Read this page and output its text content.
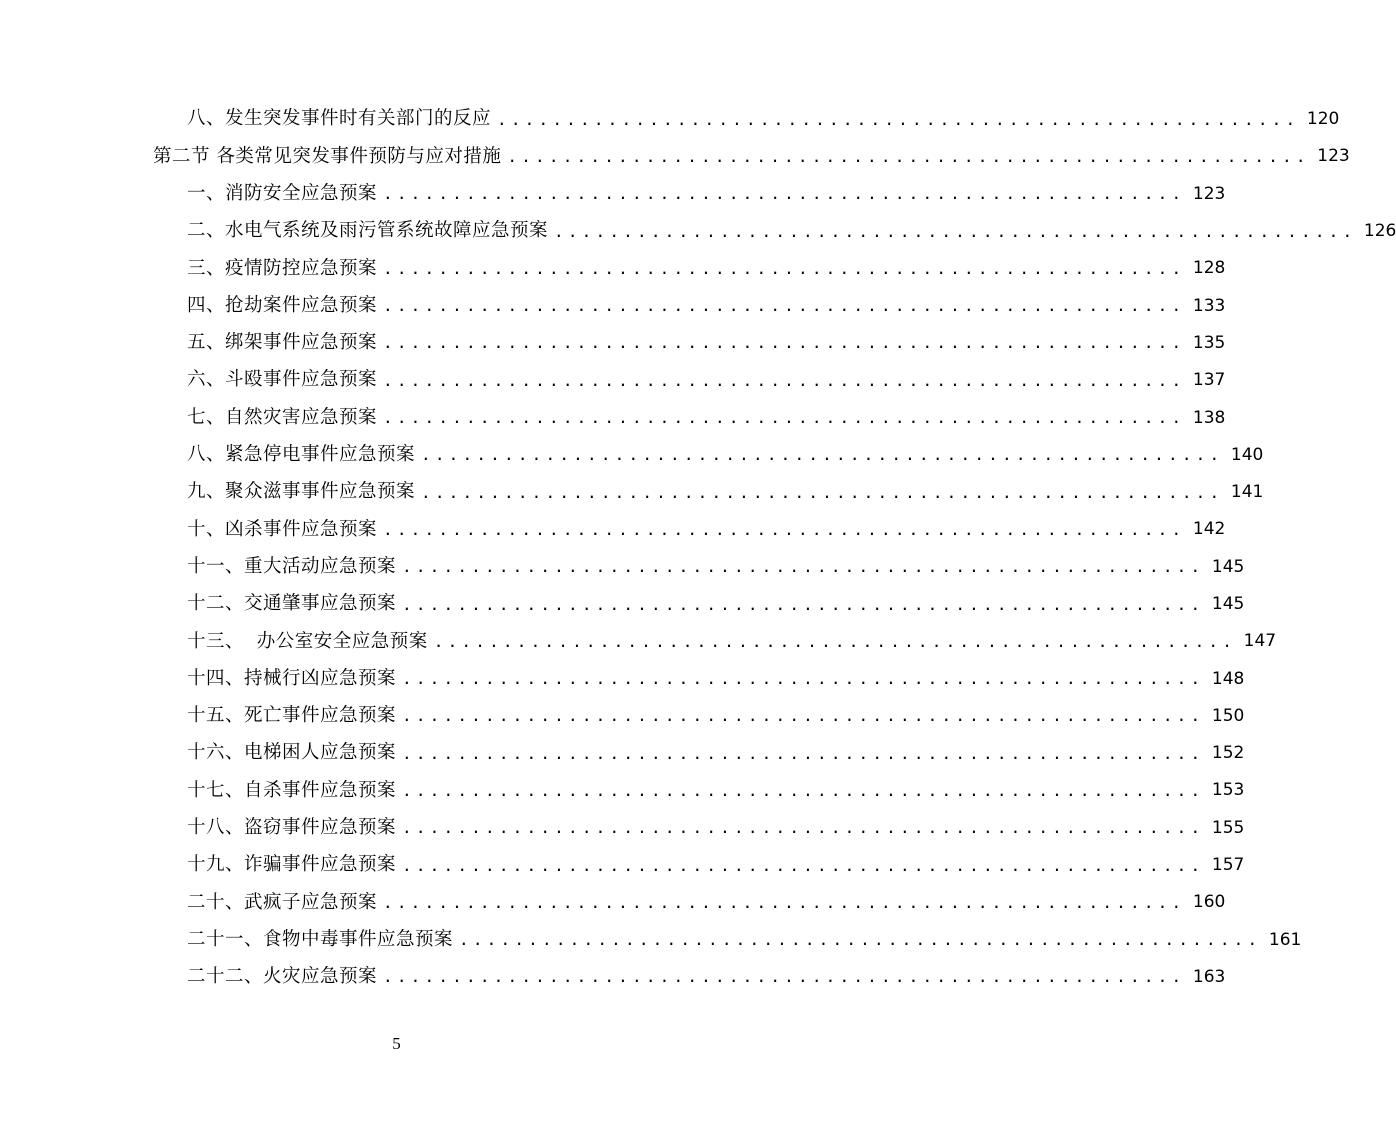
八、发生突发事件时有关部门的反应 .......................................................... 120
第二节 各类常见突发事件预防与应对措施 .......................................................... 123
一、消防安全应急预案 .......................................................... 123
二、水电气系统及雨污管系统故障应急预案 .......................................................... 126
三、疫情防控应急预案 .......................................................... 128
四、抢劫案件应急预案 .......................................................... 133
五、绑架事件应急预案 .......................................................... 135
六、斗殴事件应急预案 .......................................................... 137
七、自然灾害应急预案 .......................................................... 138
八、紧急停电事件应急预案 .......................................................... 140
九、聚众滋事事件应急预案 .......................................................... 141
十、凶杀事件应急预案 .......................................................... 142
十一、重大活动应急预案 .......................................................... 145
十二、交通肇事应急预案 .......................................................... 145
十三、  办公室安全应急预案 .......................................................... 147
十四、持械行凶应急预案 .......................................................... 148
十五、死亡事件应急预案 .......................................................... 150
十六、电梯困人应急预案 .......................................................... 152
十七、自杀事件应急预案 .......................................................... 153
十八、盗窃事件应急预案 .......................................................... 155
十九、诈骗事件应急预案 .......................................................... 157
二十、武疯子应急预案 .......................................................... 160
二十一、食物中毒事件应急预案 .......................................................... 161
二十二、火灾应急预案 .......................................................... 163
5
